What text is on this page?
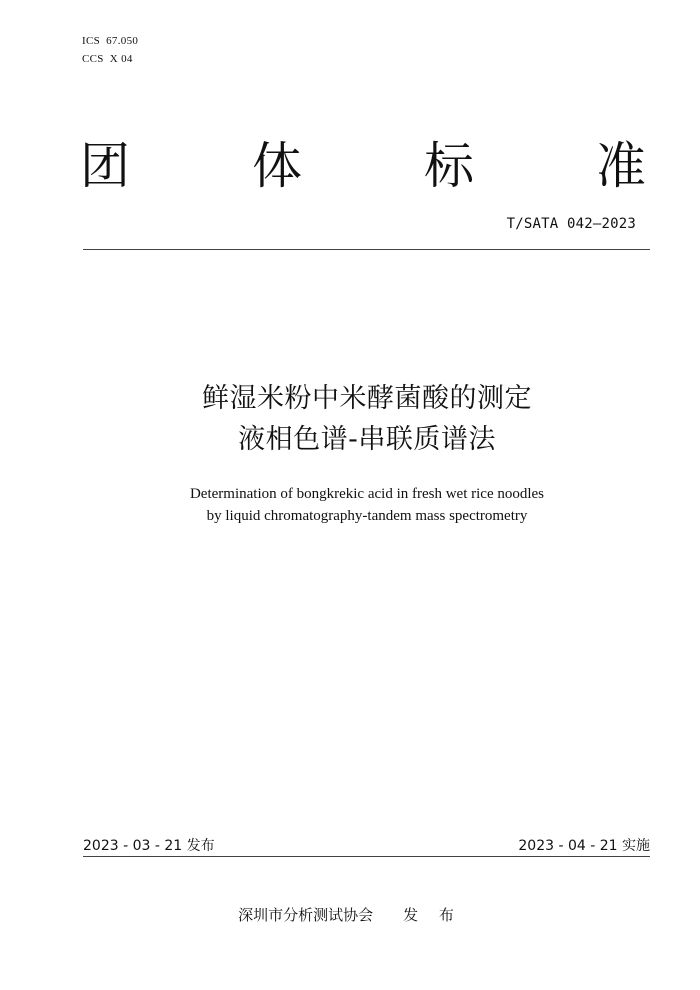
ICS  67.050
CCS  X 04
团 体 标 准
T/SATA 042—2023
鲜湿米粉中米酵菌酸的测定
液相色谱-串联质谱法
Determination of bongkrekic acid in fresh wet rice noodles
by liquid chromatography-tandem mass spectrometry
2023 - 03 - 21 发布	2023 - 04 - 21 实施
深圳市分析测试协会 发 布
